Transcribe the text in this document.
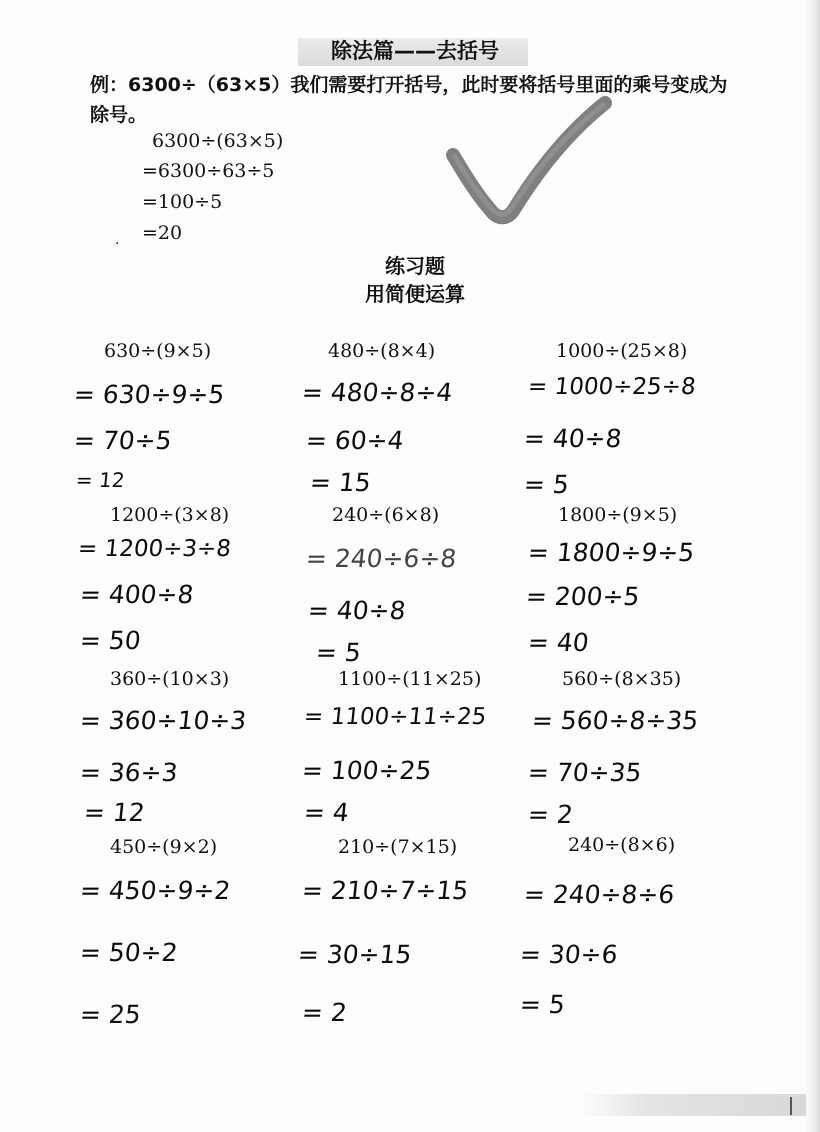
除法篇——去括号
例：6300÷（63×5）我们需要打开括号，此时要将括号里面的乘号变成为除号。
6300÷(63×5)
=6300÷63÷5
=100÷5
=20
·
练习题
用简便运算
630÷(9×5)
= 630÷9÷5
= 70÷5
= 12
480÷(8×4)
= 480÷8÷4
= 60÷4
= 15
1000÷(25×8)
= 1000÷25÷8
= 40÷8
= 5
1200÷(3×8)
= 1200÷3÷8
= 400÷8
= 50
240÷(6×8)
= 240÷6÷8
= 40÷8
= 5
1800÷(9×5)
= 1800÷9÷5
= 200÷5
= 40
360÷(10×3)
= 360÷10÷3
= 36÷3
= 12
1100÷(11×25)
= 1100÷11÷25
= 100÷25
= 4
560÷(8×35)
= 560÷8÷35
= 70÷35
= 2
450÷(9×2)
= 450÷9÷2
= 50÷2
= 25
210÷(7×15)
= 210÷7÷15
= 30÷15
= 2
240÷(8×6)
= 240÷8÷6
= 30÷6
= 5
